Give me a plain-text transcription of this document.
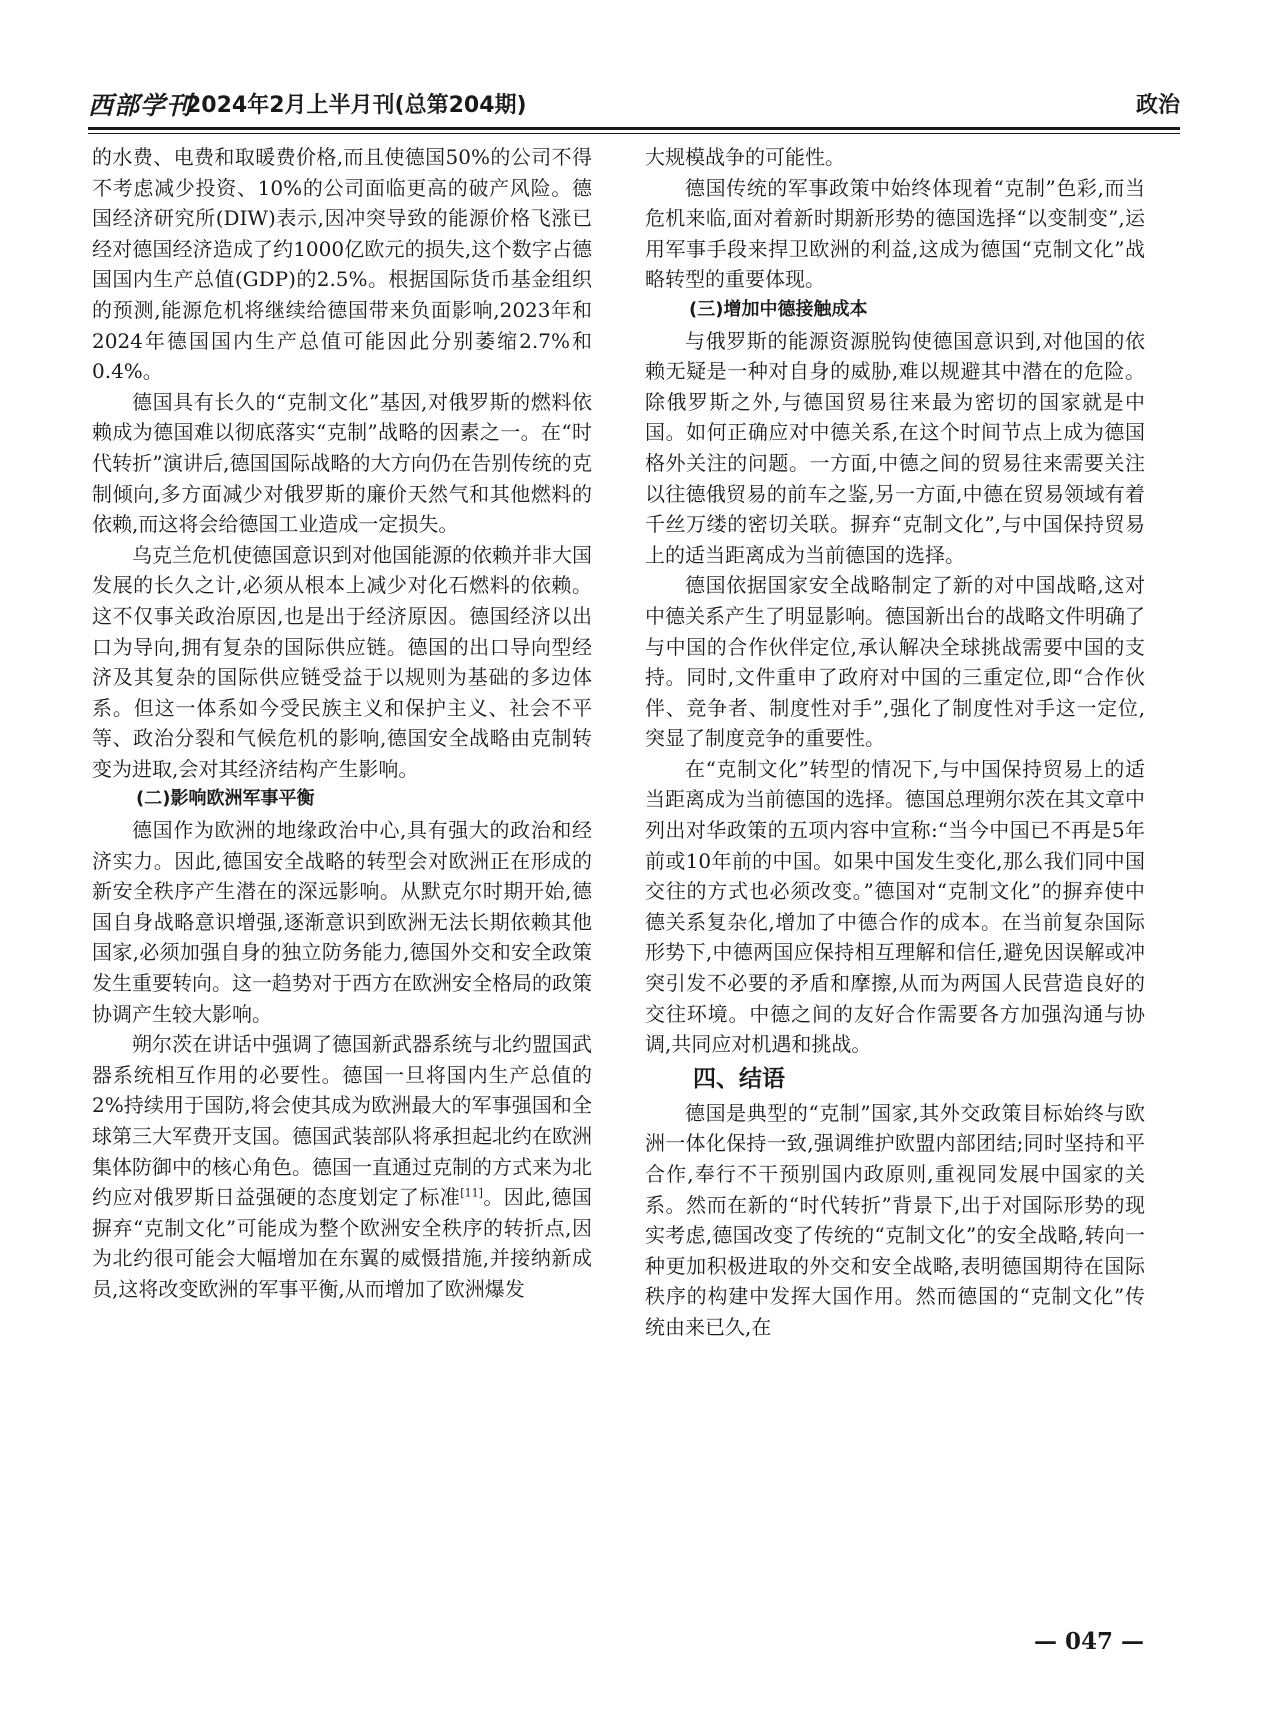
西部学刊
2024年2月上半月刊(总第204期)	政治

的水费、电费和取暖费价格,而且使德国50%的公司不得不考虑减少投资、10%的公司面临更高的破产风险。德国经济研究所(DIW)表示,因冲突导致的能源价格飞涨已经对德国经济造成了约1000亿欧元的损失,这个数字占德国国内生产总值(GDP)的2.5%。根据国际货币基金组织的预测,能源危机将继续给德国带来负面影响,2023年和2024年德国国内生产总值可能因此分别萎缩2.7%和0.4%。

德国具有长久的“克制文化”基因,对俄罗斯的燃料依赖成为德国难以彻底落实“克制”战略的因素之一。在“时代转折”演讲后,德国国际战略的大方向仍在告别传统的克制倾向,多方面减少对俄罗斯的廉价天然气和其他燃料的依赖,而这将会给德国工业造成一定损失。

乌克兰危机使德国意识到对他国能源的依赖并非大国发展的长久之计,必须从根本上减少对化石燃料的依赖。这不仅事关政治原因,也是出于经济原因。德国经济以出口为导向,拥有复杂的国际供应链。德国的出口导向型经济及其复杂的国际供应链受益于以规则为基础的多边体系。但这一体系如今受民族主义和保护主义、社会不平等、政治分裂和气候危机的影响,德国安全战略由克制转变为进取,会对其经济结构产生影响。

(二)影响欧洲军事平衡

德国作为欧洲的地缘政治中心,具有强大的政治和经济实力。因此,德国安全战略的转型会对欧洲正在形成的新安全秩序产生潜在的深远影响。从默克尔时期开始,德国自身战略意识增强,逐渐意识到欧洲无法长期依赖其他国家,必须加强自身的独立防务能力,德国外交和安全政策发生重要转向。这一趋势对于西方在欧洲安全格局的政策协调产生较大影响。

朔尔茨在讲话中强调了德国新武器系统与北约盟国武器系统相互作用的必要性。德国一旦将国内生产总值的2%持续用于国防,将会使其成为欧洲最大的军事强国和全球第三大军费开支国。德国武装部队将承担起北约在欧洲集体防御中的核心角色。德国一直通过克制的方式来为北约应对俄罗斯日益强硬的态度划定了标准[11]。因此,德国摒弃“克制文化”可能成为整个欧洲安全秩序的转折点,因为北约很可能会大幅增加在东翼的威慑措施,并接纳新成员,这将改变欧洲的军事平衡,从而增加了欧洲爆发

大规模战争的可能性。

德国传统的军事政策中始终体现着“克制”色彩,而当危机来临,面对着新时期新形势的德国选择“以变制变”,运用军事手段来捍卫欧洲的利益,这成为德国“克制文化”战略转型的重要体现。

(三)增加中德接触成本

与俄罗斯的能源资源脱钩使德国意识到,对他国的依赖无疑是一种对自身的威胁,难以规避其中潜在的危险。除俄罗斯之外,与德国贸易往来最为密切的国家就是中国。如何正确应对中德关系,在这个时间节点上成为德国格外关注的问题。一方面,中德之间的贸易往来需要关注以往德俄贸易的前车之鉴,另一方面,中德在贸易领域有着千丝万缕的密切关联。摒弃“克制文化”,与中国保持贸易上的适当距离成为当前德国的选择。

德国依据国家安全战略制定了新的对中国战略,这对中德关系产生了明显影响。德国新出台的战略文件明确了与中国的合作伙伴定位,承认解决全球挑战需要中国的支持。同时,文件重申了政府对中国的三重定位,即“合作伙伴、竞争者、制度性对手”,强化了制度性对手这一定位,突显了制度竞争的重要性。

在“克制文化”转型的情况下,与中国保持贸易上的适当距离成为当前德国的选择。德国总理朔尔茨在其文章中列出对华政策的五项内容中宣称:“当今中国已不再是5年前或10年前的中国。如果中国发生变化,那么我们同中国交往的方式也必须改变。”德国对“克制文化”的摒弃使中德关系复杂化,增加了中德合作的成本。在当前复杂国际形势下,中德两国应保持相互理解和信任,避免因误解或冲突引发不必要的矛盾和摩擦,从而为两国人民营造良好的交往环境。中德之间的友好合作需要各方加强沟通与协调,共同应对机遇和挑战。

四、结语

德国是典型的“克制”国家,其外交政策目标始终与欧洲一体化保持一致,强调维护欧盟内部团结;同时坚持和平合作,奉行不干预别国内政原则,重视同发展中国家的关系。然而在新的“时代转折”背景下,出于对国际形势的现实考虑,德国改变了传统的“克制文化”的安全战略,转向一种更加积极进取的外交和安全战略,表明德国期待在国际秩序的构建中发挥大国作用。然而德国的“克制文化”传统由来已久,在

— 047 —
